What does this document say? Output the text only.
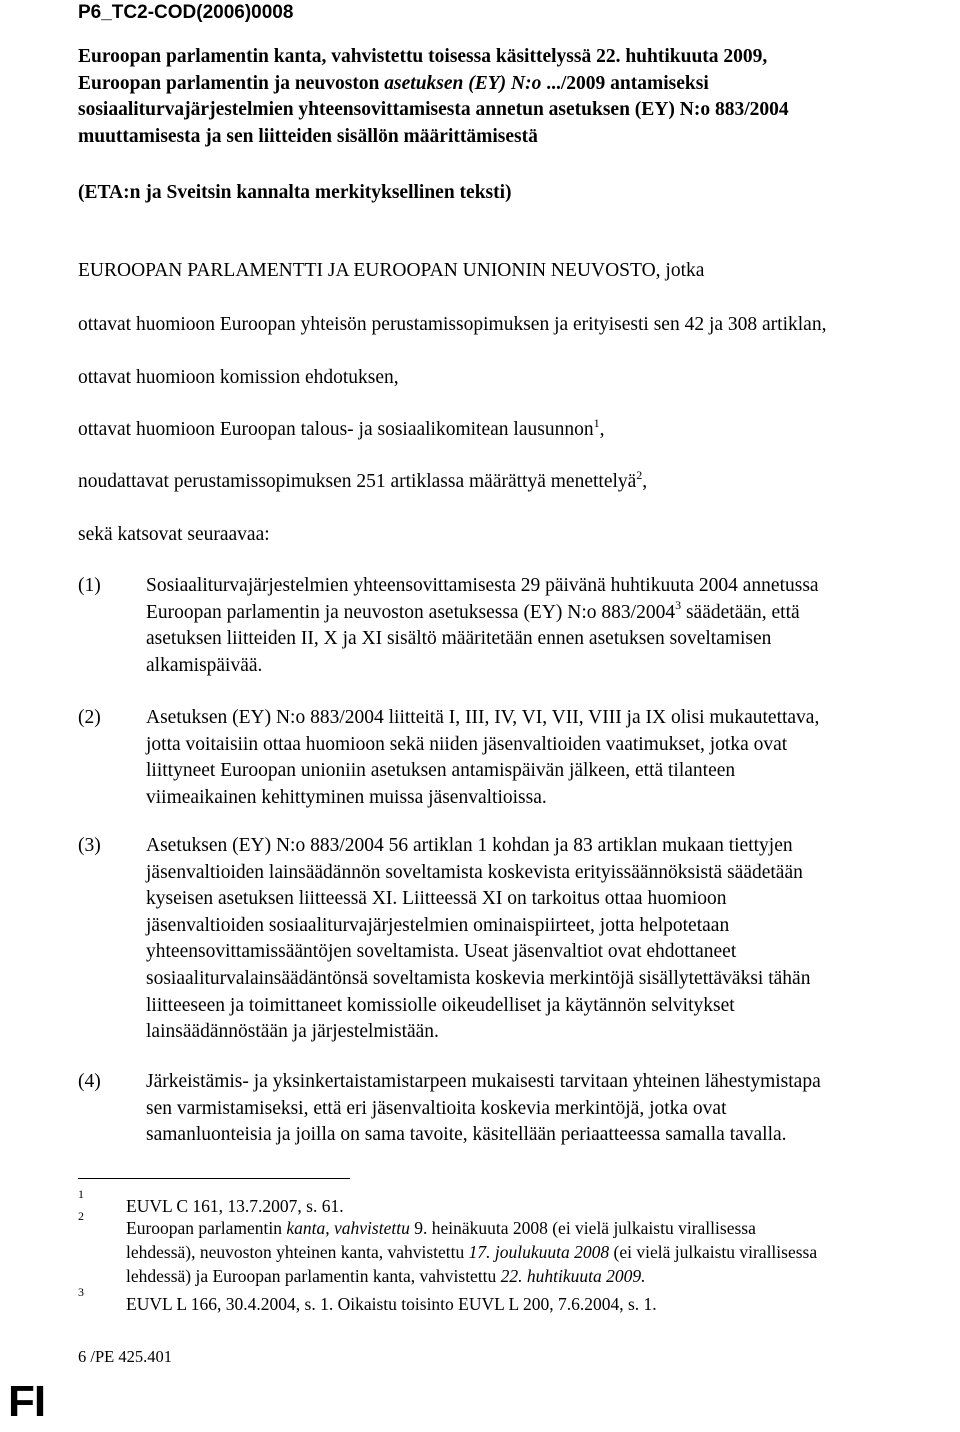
P6_TC2-COD(2006)0008
Euroopan parlamentin kanta, vahvistettu toisessa käsittelyssä 22. huhtikuuta 2009,
Euroopan parlamentin ja neuvoston asetuksen (EY) N:o .../2009 antamiseksi
sosiaaliturvajärjestelmien yhteensovittamisesta annetun asetuksen (EY) N:o 883/2004
muuttamisesta ja sen liitteiden sisällön määrittämisestä
(ETA:n ja Sveitsin kannalta merkityksellinen teksti)
EUROOPAN PARLAMENTTI JA EUROOPAN UNIONIN NEUVOSTO, jotka
ottavat huomioon Euroopan yhteisön perustamissopimuksen ja erityisesti sen 42 ja 308 artiklan,
ottavat huomioon komission ehdotuksen,
ottavat huomioon Euroopan talous- ja sosiaalikomitean lausunnon$^1$,
noudattavat perustamissopimuksen 251 artiklassa määrättyä menettelyä$^2$,
sekä katsovat seuraavaa:
(1) Sosiaaliturvajärjestelmien yhteensovittamisesta 29 päivänä huhtikuuta 2004 annetussa
Euroopan parlamentin ja neuvoston asetuksessa (EY) N:o 883/2004$^3$ säädetään, että
asetuksen liitteiden II, X ja XI sisältö määritetään ennen asetuksen soveltamisen
alkamispäivää.
(2) Asetuksen (EY) N:o 883/2004 liitteitä I, III, IV, VI, VII, VIII ja IX olisi mukautettava,
jotta voitaisiin ottaa huomioon sekä niiden jäsenvaltioiden vaatimukset, jotka ovat
liittyneet Euroopan unioniin asetuksen antamispäivän jälkeen, että tilanteen
viimeaikainen kehittyminen muissa jäsenvaltioissa.
(3) Asetuksen (EY) N:o 883/2004 56 artiklan 1 kohdan ja 83 artiklan mukaan tiettyjen
jäsenvaltioiden lainsäädännön soveltamista koskevista erityissäännöksistä säädetään
kyseisen asetuksen liitteessä XI. Liitteessä XI on tarkoitus ottaa huomioon
jäsenvaltioiden sosiaaliturvajärjestelmien ominaispiirteet, jotta helpotetaan
yhteensovittamissääntöjen soveltamista. Useat jäsenvaltiot ovat ehdottaneet
sosiaaliturvalainsäädäntönsä soveltamista koskevia merkintöjä sisällytettäväksi tähän
liitteeseen ja toimittaneet komissiolle oikeudelliset ja käytännön selvitykset
lainsäädännöstään ja järjestelmistään.
(4) Järkeistämis- ja yksinkertaistamistarpeen mukaisesti tarvitaan yhteinen lähestymistapa
sen varmistamiseksi, että eri jäsenvaltioita koskevia merkintöjä, jotka ovat
samanluonteisia ja joilla on sama tavoite, käsitellään periaatteessa samalla tavalla.
1
EUVL C 161, 13.7.2007, s. 61.
2
Euroopan parlamentin kanta, vahvistettu 9. heinäkuuta 2008 (ei vielä julkaistu virallisessa
lehdessä), neuvoston yhteinen kanta, vahvistettu 17. joulukuuta 2008 (ei vielä julkaistu virallisessa
lehdessä) ja Euroopan parlamentin kanta, vahvistettu 22. huhtikuuta 2009.
3
EUVL L 166, 30.4.2004, s. 1. Oikaistu toisinto EUVL L 200, 7.6.2004, s. 1.
6 /PE 425.401
FI
